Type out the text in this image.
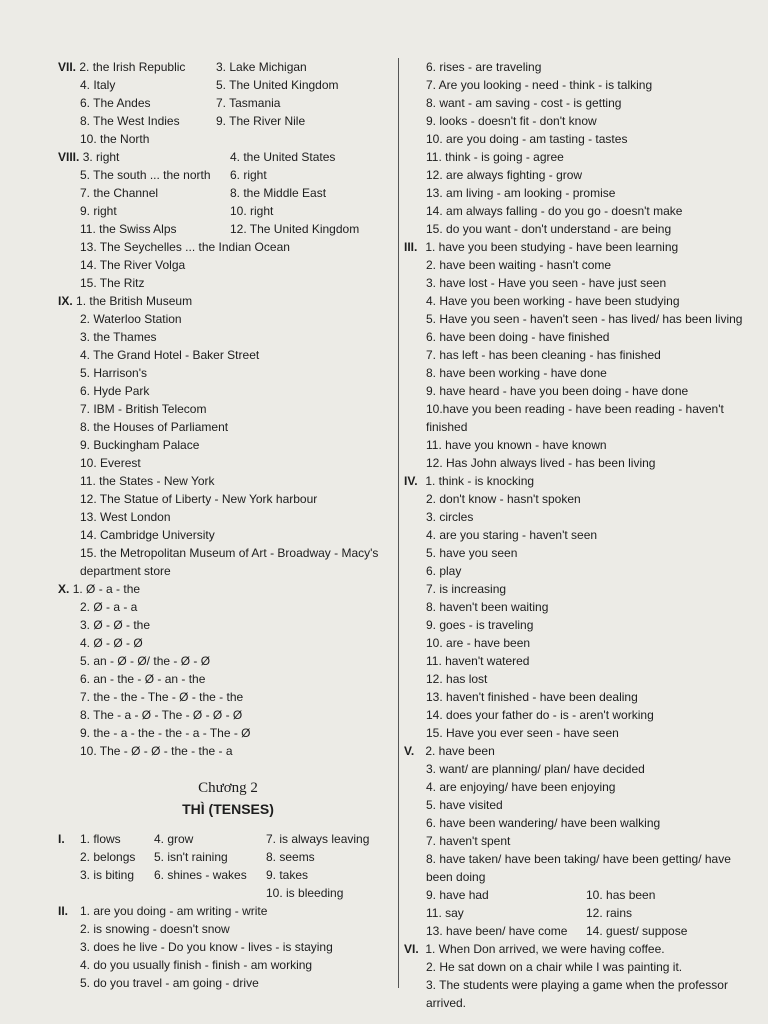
VII. 2. the Irish Republic	3. Lake Michigan
4. Italy	5. The United Kingdom
6. The Andes	7. Tasmania
8. The West Indies	9. The River Nile
10. the North
VIII. 3. right	4. the United States
5. The south ... the north 6. right
7. the Channel	8. the Middle East
9. right	10. right
11. the Swiss Alps	12. The United Kingdom
13. The Seychelles ... the Indian Ocean
14. The River Volga
15. The Ritz
IX. 1. the British Museum
2. Waterloo Station
3. the Thames
4. The Grand Hotel - Baker Street
5. Harrison's
6. Hyde Park
7. IBM - British Telecom
8. the Houses of Parliament
9. Buckingham Palace
10. Everest
11. the States - New York
12. The Statue of Liberty - New York harbour
13. West London
14. Cambridge University
15. the Metropolitan Museum of Art - Broadway - Macy's department store
X. 1. Ø - a - the
2. Ø - a - a
3. Ø - Ø - the
4. Ø - Ø - Ø
5. an - Ø - Ø/ the - Ø - Ø
6. an - the - Ø - an - the
7. the - the - The - Ø - the - the
8. The - a - Ø - The - Ø - Ø - Ø
9. the - a - the - the - a - The - Ø
10. The - Ø - Ø - the - the - a
Chương 2
THÌ (TENSES)
I. 1. flows	4. grow	7. is always leaving
2. belongs 5. isn't raining	8. seems
3. is biting 6. shines - wakes 9. takes
10. is bleeding
II. 1. are you doing - am writing - write
2. is snowing - doesn't snow
3. does he live - Do you know - lives - is staying
4. do you usually finish - finish - am working
5. do you travel - am going - drive
6. rises - are traveling
7. Are you looking - need - think - is talking
8. want - am saving - cost - is getting
9. looks - doesn't fit - don't know
10. are you doing - am tasting - tastes
11. think - is going - agree
12. are always fighting - grow
13. am living - am looking - promise
14. am always falling - do you go - doesn't make
15. do you want - don't understand - are being
III. 1. have you been studying - have been learning
2. have been waiting - hasn't come
3. have lost - Have you seen - have just seen
4. Have you been working - have been studying
5. Have you seen - haven't seen - has lived/ has been living
6. have been doing - have finished
7. has left - has been cleaning - has finished
8. have been working - have done
9. have heard - have you been doing - have done
10.have you been reading - have been reading - haven't finished
11. have you known - have known
12. Has John always lived - has been living
IV. 1. think - is knocking
2. don't know - hasn't spoken
3. circles
4. are you staring - haven't seen
5. have you seen
6. play
7. is increasing
8. haven't been waiting
9. goes - is traveling
10. are - have been
11. haven't watered
12. has lost
13. haven't finished - have been dealing
14. does your father do - is - aren't working
15. Have you ever seen - have seen
V. 2. have been
3. want/ are planning/ plan/ have decided
4. are enjoying/ have been enjoying
5. have visited
6. have been wandering/ have been walking
7. haven't spent
8. have taken/ have been taking/ have been getting/ have been doing
9. have had	10. has been
11. say	12. rains
13. have been/ have come 14. guest/ suppose
VI. 1. When Don arrived, we were having coffee.
2. He sat down on a chair while I was painting it.
3. The students were playing a game when the professor arrived.
